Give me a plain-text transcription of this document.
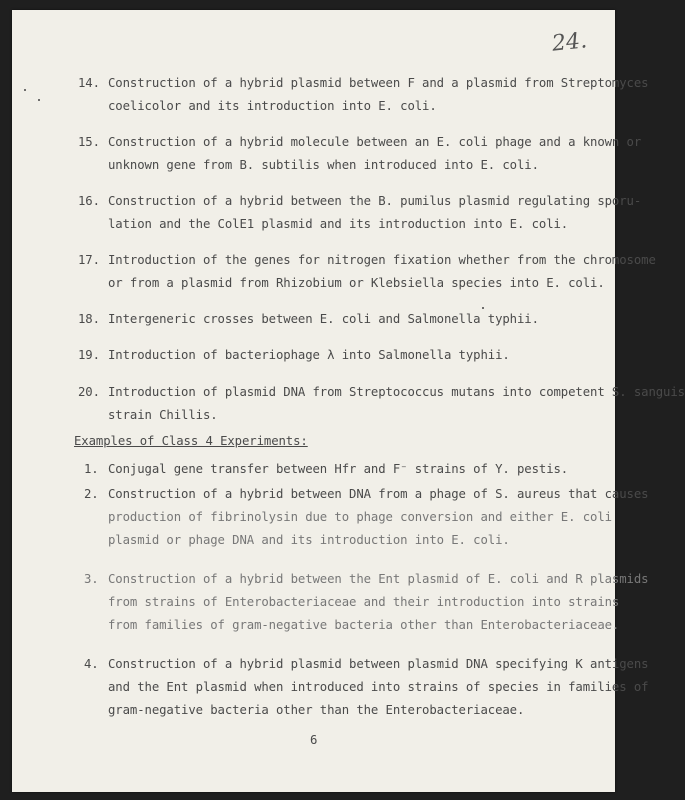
24.
14. Construction of a hybrid plasmid between F and a plasmid from Streptomyces
coelicolor and its introduction into E. coli.
15. Construction of a hybrid molecule between an E. coli phage and a known or
unknown gene from B. subtilis when introduced into E. coli.
16. Construction of a hybrid between the B. pumilus plasmid regulating sporu-
lation and the ColE1 plasmid and its introduction into E. coli.
17. Introduction of the genes for nitrogen fixation whether from the chromosome
or from a plasmid from Rhizobium or Klebsiella species into E. coli.
18. Intergeneric crosses between E. coli and Salmonella typhii.
19. Introduction of bacteriophage λ into Salmonella typhii.
20. Introduction of plasmid DNA from Streptococcus mutans into competent S. sanguis
strain Chillis.
Examples of Class 4 Experiments:
1. Conjugal gene transfer between Hfr and F⁻ strains of Y. pestis.
2. Construction of a hybrid between DNA from a phage of S. aureus that causes
production of fibrinolysin due to phage conversion and either E. coli
plasmid or phage DNA and its introduction into E. coli.
3. Construction of a hybrid between the Ent plasmid of E. coli and R plasmids
from strains of Enterobacteriaceae and their introduction into strains
from families of gram-negative bacteria other than Enterobacteriaceae.
4. Construction of a hybrid plasmid between plasmid DNA specifying K antigens
and the Ent plasmid when introduced into strains of species in families of
gram-negative bacteria other than the Enterobacteriaceae.
6
